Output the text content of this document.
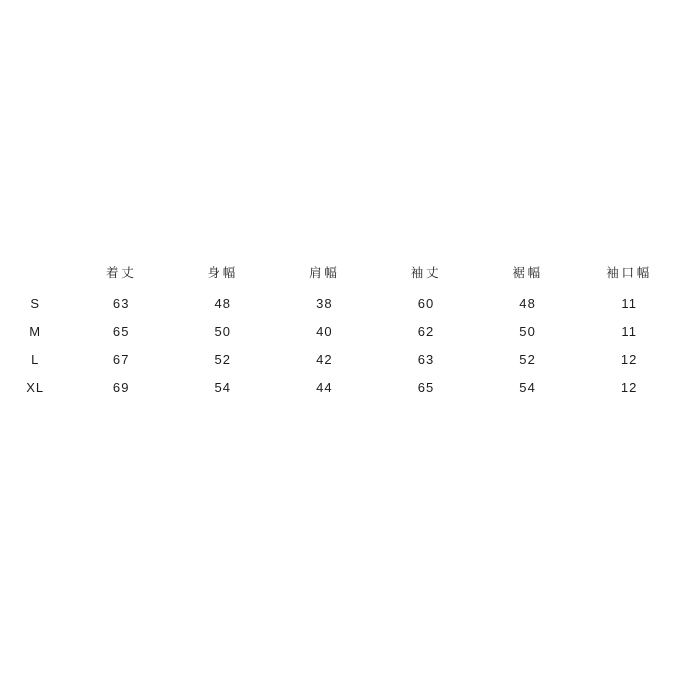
	着丈	身幅	肩幅	袖丈	裾幅	袖口幅
S	63	48	38	60	48	11
M	65	50	40	62	50	11
L	67	52	42	63	52	12
XL	69	54	44	65	54	12
